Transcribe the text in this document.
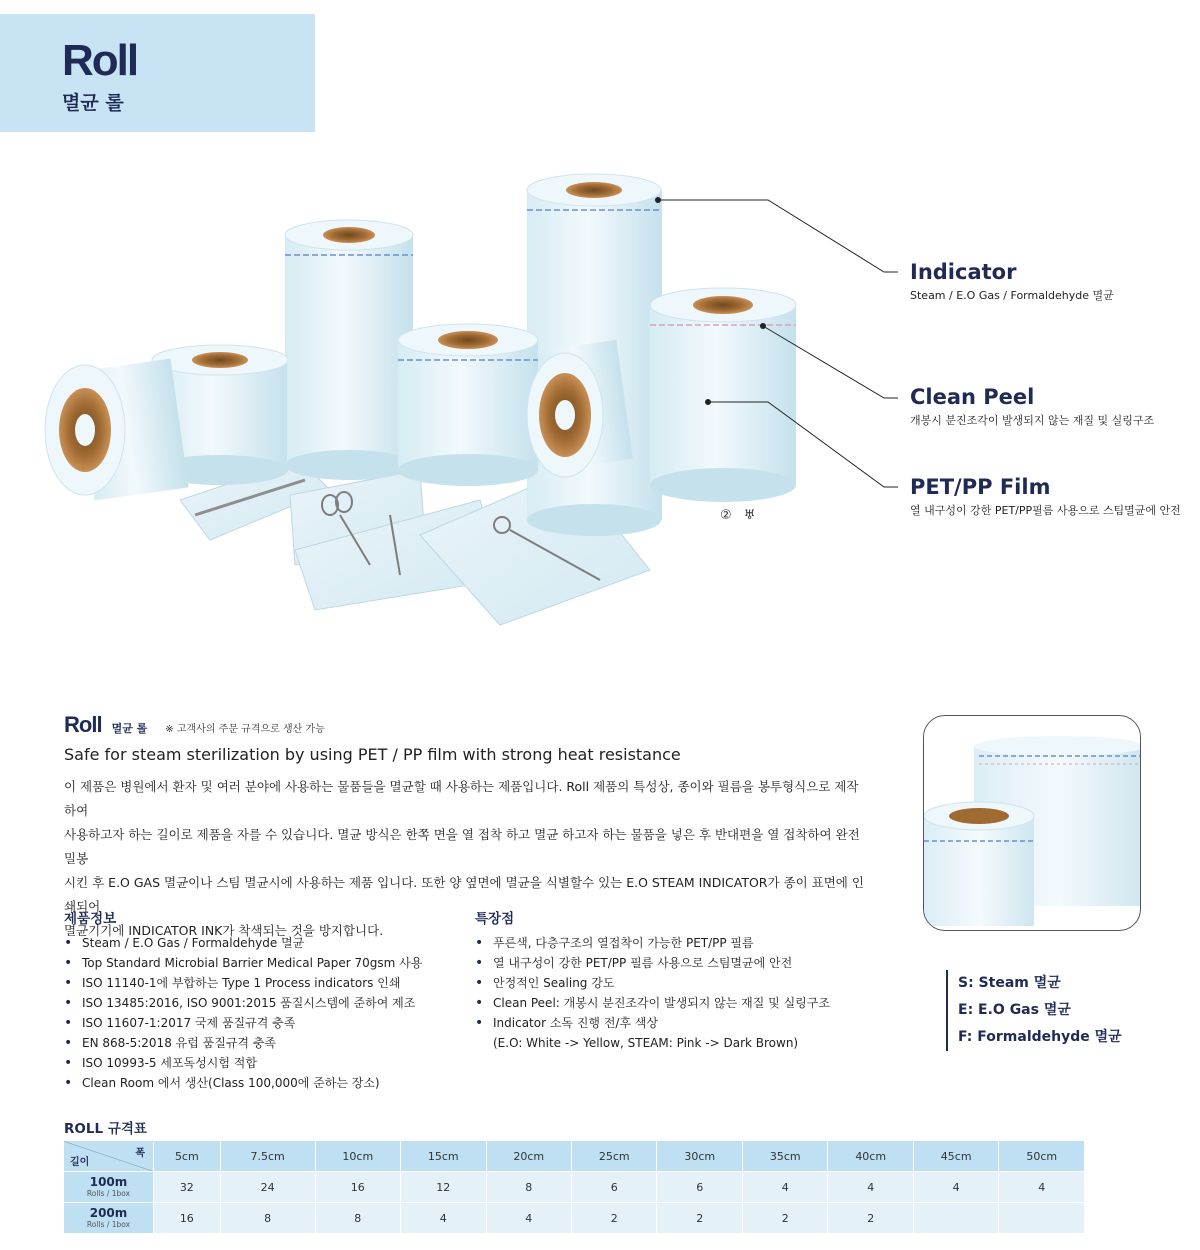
Roll
멸균 롤
Indicator
Steam / E.O Gas / Formaldehyde 멸균
Clean Peel
개봉시 분진조각이 발생되지 않는 재질 및 실링구조
PET/PP Film
열 내구성이 강한 PET/PP필름 사용으로 스팀멸균에 안전
② ♅
Roll 멸균 롤 ※ 고객사의 주문 규격으로 생산 가능
Safe for steam sterilization by using PET / PP film with strong heat resistance
이 제품은 병원에서 환자 및 여러 분야에 사용하는 물품들을 멸균할 때 사용하는 제품입니다. Roll 제품의 특성상, 종이와 필름을 봉투형식으로 제작하여
사용하고자 하는 길이로 제품을 자를 수 있습니다. 멸균 방식은 한쪽 면을 열 접착 하고 멸균 하고자 하는 물품을 넣은 후 반대편을 열 접착하여 완전 밀봉
시킨 후 E.O GAS 멸균이나 스팀 멸균시에 사용하는 제품 입니다. 또한 양 옆면에 멸균을 식별할수 있는 E.O STEAM INDICATOR가 종이 표면에 인쇄되어
멸균기기에 INDICATOR INK가 착색되는 것을 방지합니다.
제품정보
• Steam / E.O Gas / Formaldehyde 멸균
• Top Standard Microbial Barrier Medical Paper 70gsm 사용
• ISO 11140-1에 부합하는 Type 1 Process indicators 인쇄
• ISO 13485:2016, ISO 9001:2015 품질시스템에 준하여 제조
• ISO 11607-1:2017 국제 품질규격 충족
• EN 868-5:2018 유럽 품질규격 충족
• ISO 10993-5 세포독성시험 적합
• Clean Room 에서 생산(Class 100,000에 준하는 장소)
특장점
• 푸른색, 다층구조의 열접착이 가능한 PET/PP 필름
• 열 내구성이 강한 PET/PP 필름 사용으로 스팀멸균에 안전
• 안정적인 Sealing 강도
• Clean Peel: 개봉시 분진조각이 발생되지 않는 재질 및 실링구조
• Indicator 소독 진행 전/후 색상
(E.O: White -> Yellow, STEAM: Pink -> Dark Brown)
S: Steam 멸균
E: E.O Gas 멸균
F: Formaldehyde 멸균
ROLL 규격표
폭
길이	5cm	7.5cm	10cm	15cm	20cm	25cm	30cm	35cm	40cm	45cm	50cm

100m
Rolls / 1box	32	24	16	12	8	6	6	4	4	4	4

200m
Rolls / 1box	16	8	8	4	4	2	2	2	2		
